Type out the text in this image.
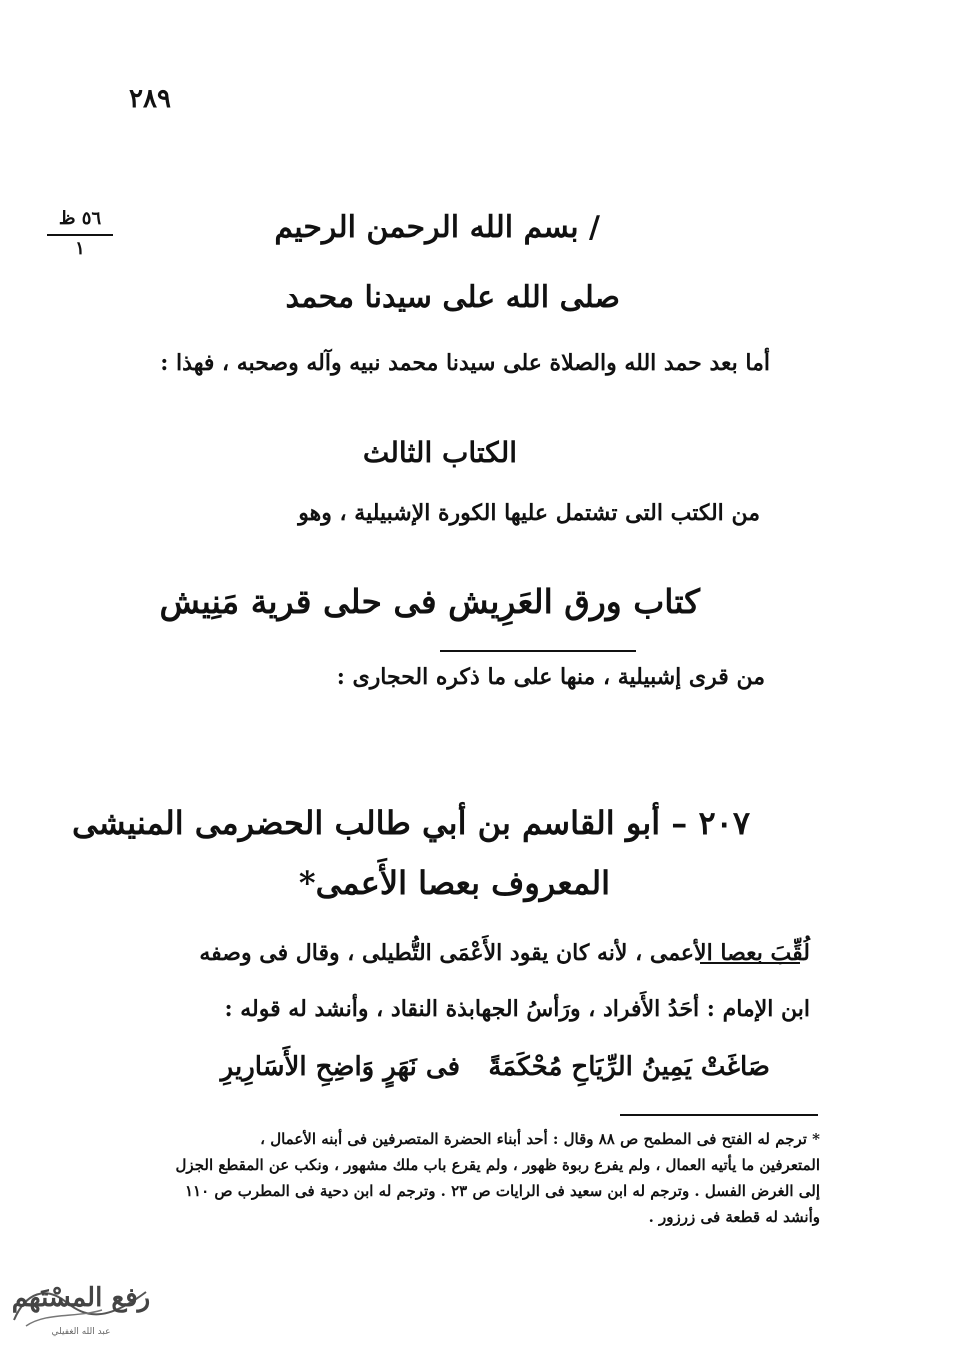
٢٨٩
٥٦ ظ
١
/ بسم الله الرحمن الرحيم
صلى الله على سيدنا محمد
أما بعد حمد الله والصلاة على سيدنا محمد نبيه وآله وصحبه ، فهذا :
الكتاب الثالث
من الكتب التى تشتمل عليها الكورة الإشبيلية ، وهو
كتاب ورق العَرِيش فى حلى قرية مَنِيش
من قرى إشبيلية ، منها على ما ذكره الحجارى :
٢٠٧ – أبو القاسم بن أبي طالب الحضرمى المنيشى
المعروف بعصا الأَعمى*
لُقِّبَ بعصا الأعمى ، لأنه كان يقود الأَعْمَى التُّطيلى ، وقال فى وصفه
ابن الإمام : أحَدُ الأَفراد ، ورَأسُ الجهابذة النقاد ، وأنشد له قوله :
صَاغَتْ يَمِينُ الرِّيَاحِ مُحْكَمَةً
فى نَهَرٍ وَاضِحِ الأَسَارِيرِ

* ترجم له الفتح فى المطمح ص ٨٨ وقال : أحد أبناء الحضرة المتصرفين فى أبنه الأعمال ،

المتعرفين ما يأتيه العمال ، ولم يفرع ربوة ظهور ، ولم يقرع باب ملك مشهور ، ونكب عن المقطع الجزل

إلى الغرض الفسل . وترجم له ابن سعيد فى الرايات ص ٢٣ . وترجم له ابن دحية فى المطرب ص ١١٠

وأنشد له قطعة فى زرزور .

رفع المسْتَهم
عبد الله الغفيلي
